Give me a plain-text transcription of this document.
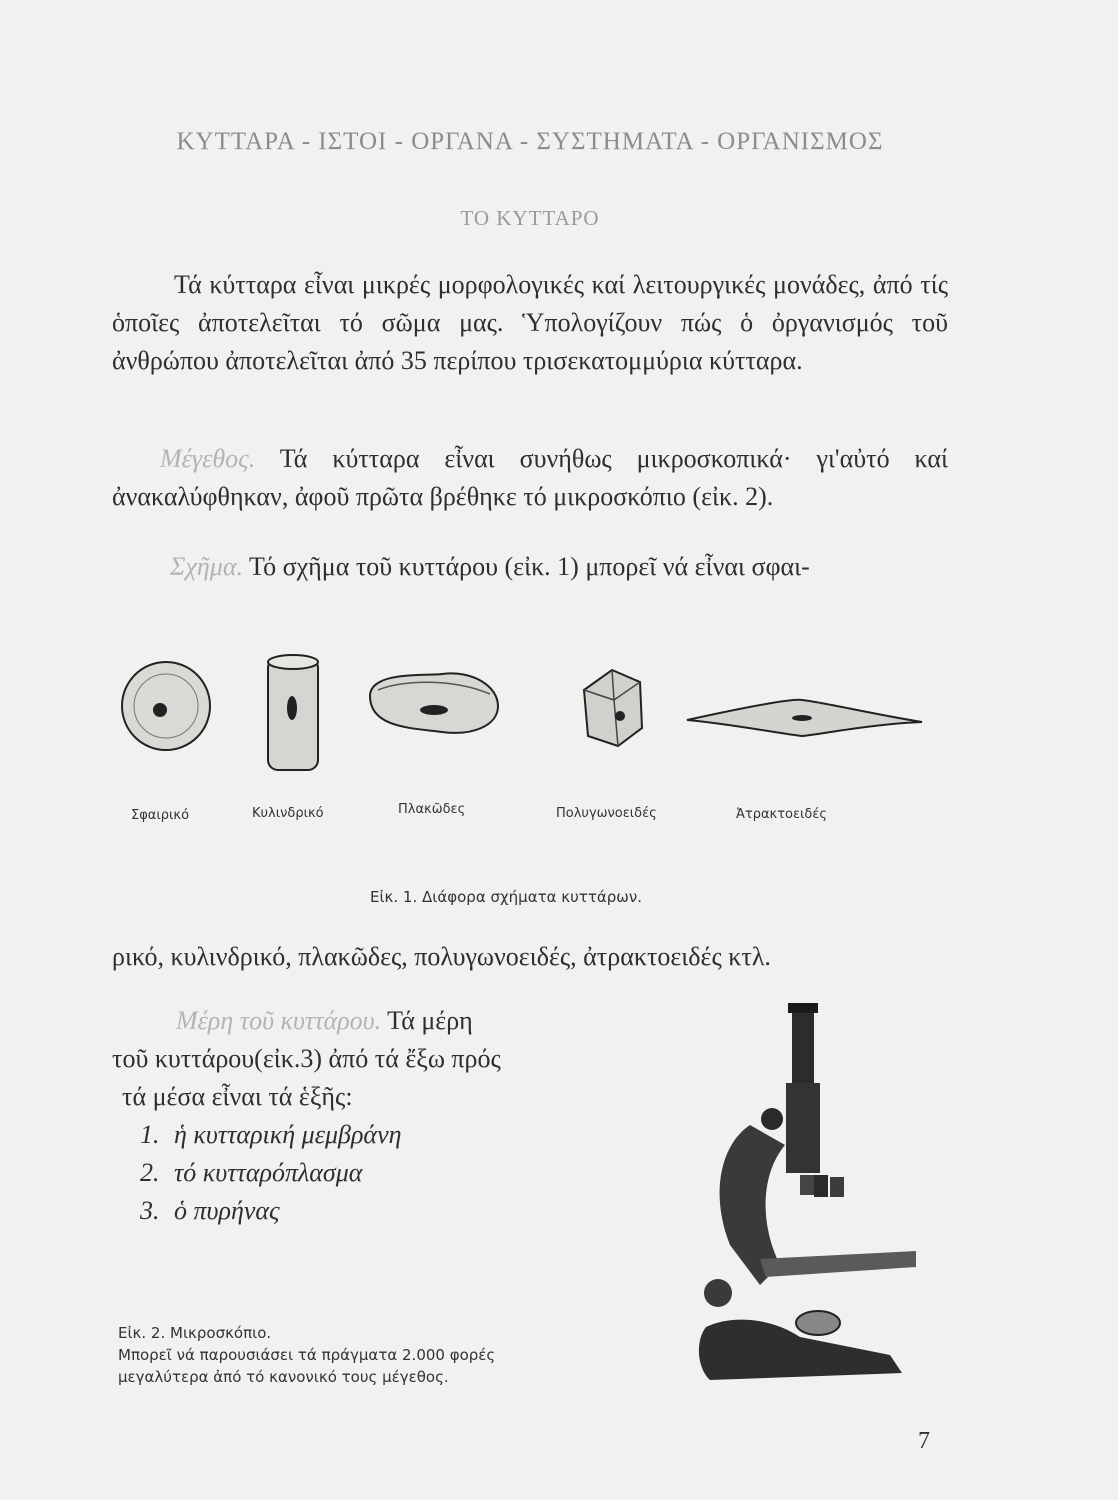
ΚΥΤΤΑΡΑ - ΙΣΤΟΙ - ΟΡΓΑΝΑ - ΣΥΣΤΗΜΑΤΑ - ΟΡΓΑΝΙΣΜΟΣ
ΤΟ ΚΥΤΤΑΡΟ
Τά κύτταρα εἶναι μικρές μορφολογικές καί λειτουργικές μονάδες, ἀπό τίς ὁποῖες ἀποτελεῖται τό σῶμα μας. Ὑπολογίζουν πώς ὁ ὀργανισμός τοῦ ἀνθρώπου ἀποτελεῖται ἀπό 35 περίπου τρισεκατομμύρια κύτταρα.
Μέγεθος. Τά κύτταρα εἶναι συνήθως μικροσκοπικά· γι'αὐτό καί ἀνακαλύφθηκαν, ἀφοῦ πρῶτα βρέθηκε τό μικροσκόπιο (εἰκ. 2).
Σχῆμα. Τό σχῆμα τοῦ κυττάρου (εἰκ. 1) μπορεῖ νά εἶναι σφαι-
Σφαιρικό	Κυλινδρικό	Πλακῶδες	Πολυγωνοειδές	Ἀτρακτοειδές
Εἰκ. 1. Διάφορα σχήματα κυττάρων.
ρικό, κυλινδρικό, πλακῶδες, πολυγωνοειδές, ἀτρακτοειδές κτλ.
Μέρη τοῦ κυττάρου. Τά μέρη
τοῦ κυττάρου(εἰκ.3) ἀπό τά ἔξω πρός
τά μέσα εἶναι τά ἑξῆς:
1. ἡ κυτταρική μεμβράνη
2. τό κυτταρόπλασμα
3. ὁ πυρήνας
Εἰκ. 2. Μικροσκόπιο.
Μπορεῖ νά παρουσιάσει τά πράγματα 2.000 φορές
μεγαλύτερα ἀπό τό κανονικό τους μέγεθος.
7
